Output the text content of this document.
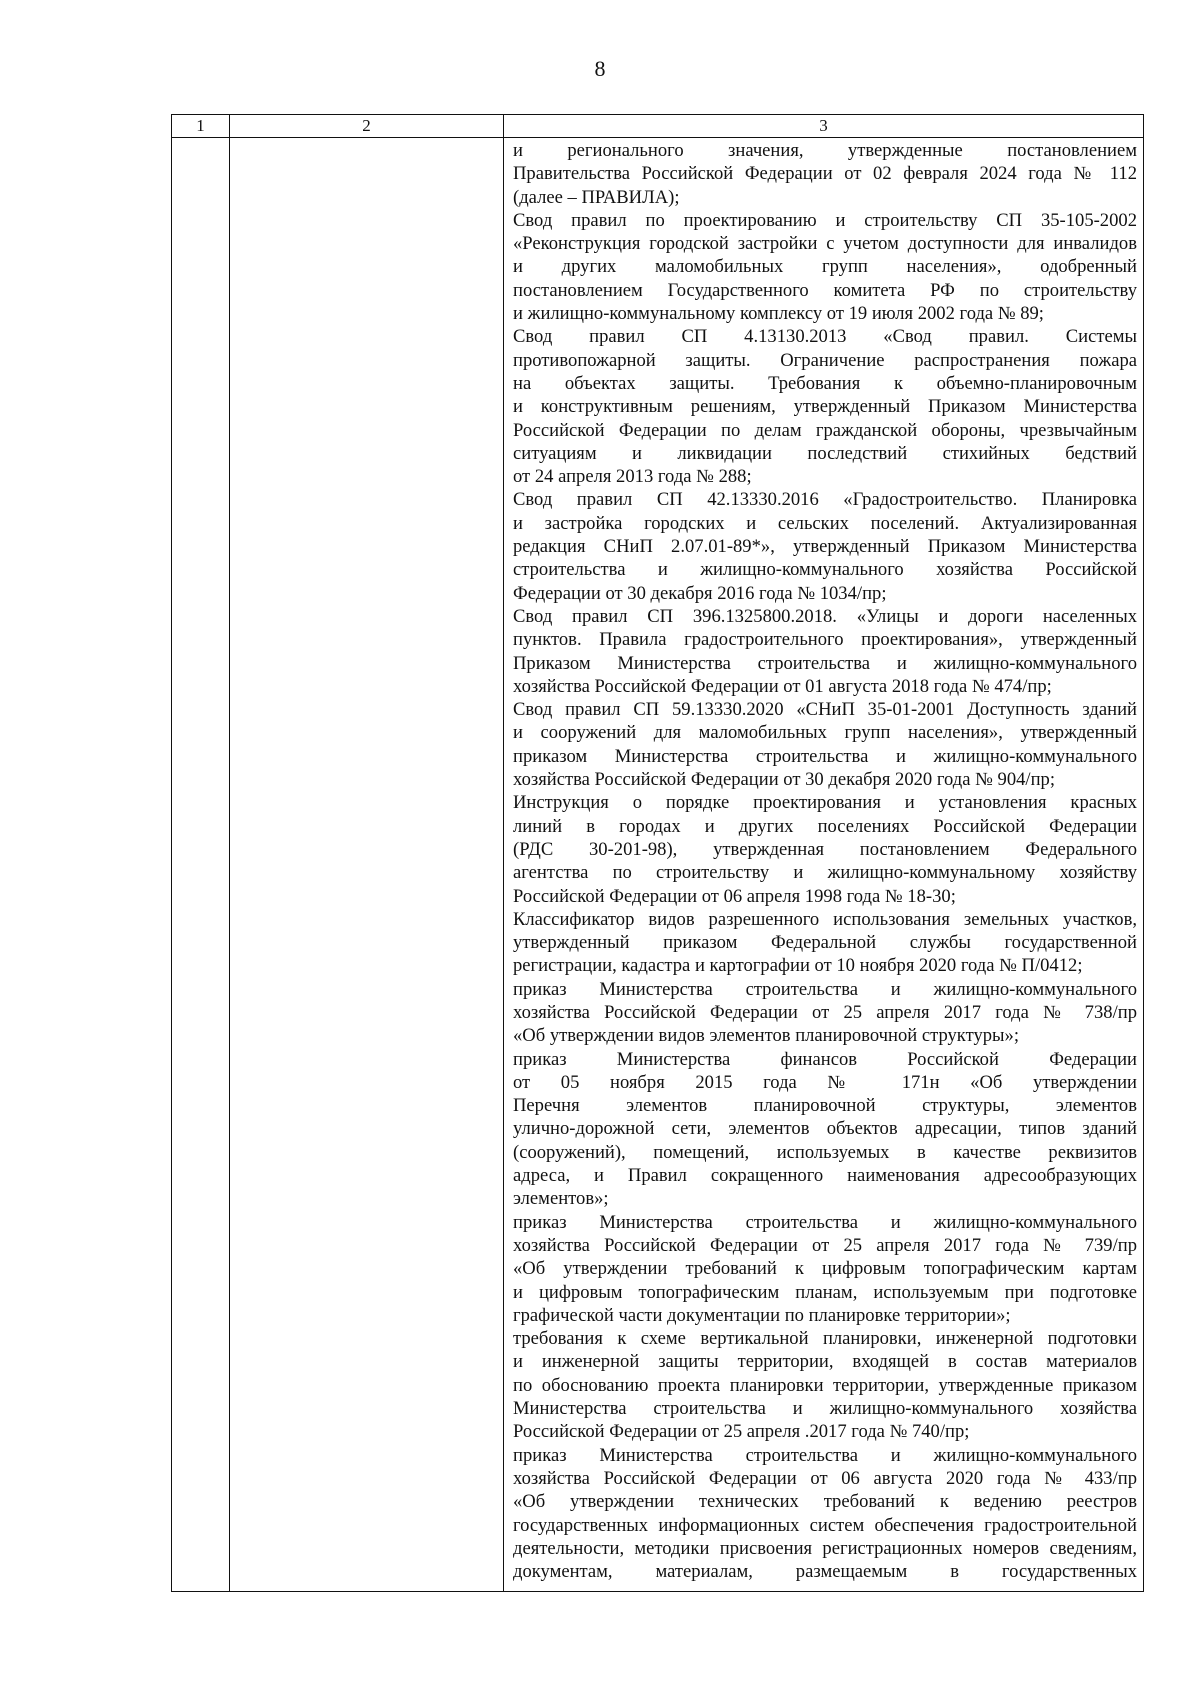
8
1	2	3
и регионального значения, утвержденные постановлением
Правительства Российской Федерации от 02 февраля 2024 года № 112
(далее – ПРАВИЛА);
Свод правил по проектированию и строительству СП 35-105-2002
«Реконструкция городской застройки с учетом доступности для инвалидов
и других маломобильных групп населения», одобренный
постановлением Государственного комитета РФ по строительству
и жилищно-коммунальному комплексу от 19 июля 2002 года № 89;
Свод правил СП 4.13130.2013 «Свод правил. Системы
противопожарной защиты. Ограничение распространения пожара
на объектах защиты. Требования к объемно-планировочным
и конструктивным решениям, утвержденный Приказом Министерства
Российской Федерации по делам гражданской обороны, чрезвычайным
ситуациям и ликвидации последствий стихийных бедствий
от 24 апреля 2013 года № 288;
Свод правил СП 42.13330.2016 «Градостроительство. Планировка
и застройка городских и сельских поселений. Актуализированная
редакция СНиП 2.07.01-89*», утвержденный Приказом Министерства
строительства и жилищно-коммунального хозяйства Российской
Федерации от 30 декабря 2016 года № 1034/пр;
Свод правил СП 396.1325800.2018. «Улицы и дороги населенных
пунктов. Правила градостроительного проектирования», утвержденный
Приказом Министерства строительства и жилищно-коммунального
хозяйства Российской Федерации от 01 августа 2018 года № 474/пр;
Свод правил СП 59.13330.2020 «СНиП 35-01-2001 Доступность зданий
и сооружений для маломобильных групп населения», утвержденный
приказом Министерства строительства и жилищно-коммунального
хозяйства Российской Федерации от 30 декабря 2020 года № 904/пр;
Инструкция о порядке проектирования и установления красных
линий в городах и других поселениях Российской Федерации
(РДС 30-201-98), утвержденная постановлением Федерального
агентства по строительству и жилищно-коммунальному хозяйству
Российской Федерации от 06 апреля 1998 года № 18-30;
Классификатор видов разрешенного использования земельных участков,
утвержденный приказом Федеральной службы государственной
регистрации, кадастра и картографии от 10 ноября 2020 года № П/0412;
приказ Министерства строительства и жилищно-коммунального
хозяйства Российской Федерации от 25 апреля 2017 года № 738/пр
«Об утверждении видов элементов планировочной структуры»;
приказ Министерства финансов Российской Федерации
от 05 ноября 2015 года № 171н «Об утверждении
Перечня элементов планировочной структуры, элементов
улично-дорожной сети, элементов объектов адресации, типов зданий
(сооружений), помещений, используемых в качестве реквизитов
адреса, и Правил сокращенного наименования адресообразующих
элементов»;
приказ Министерства строительства и жилищно-коммунального
хозяйства Российской Федерации от 25 апреля 2017 года № 739/пр
«Об утверждении требований к цифровым топографическим картам
и цифровым топографическим планам, используемым при подготовке
графической части документации по планировке территории»;
требования к схеме вертикальной планировки, инженерной подготовки
и инженерной защиты территории, входящей в состав материалов
по обоснованию проекта планировки территории, утвержденные приказом
Министерства строительства и жилищно-коммунального хозяйства
Российской Федерации от 25 апреля .2017 года № 740/пр;
приказ Министерства строительства и жилищно-коммунального
хозяйства Российской Федерации от 06 августа 2020 года № 433/пр
«Об утверждении технических требований к ведению реестров
государственных информационных систем обеспечения градостроительной
деятельности, методики присвоения регистрационных номеров сведениям,
документам, материалам, размещаемым в государственных
